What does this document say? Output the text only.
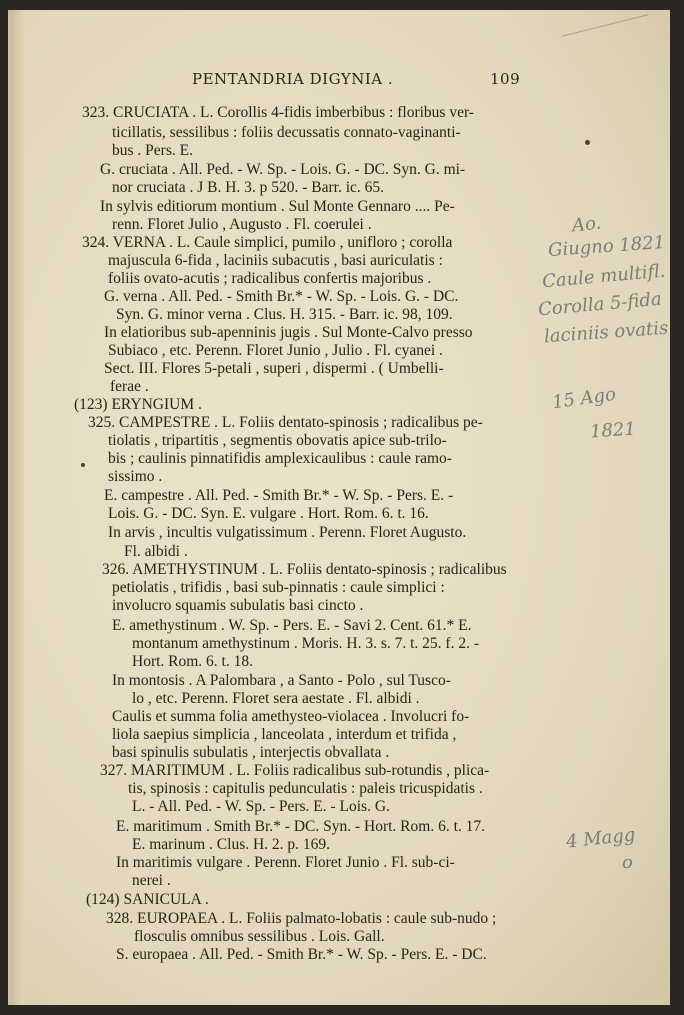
PENTANDRIA DIGYNIA .	109
323. CRUCIATA . L. Corollis 4-fidis imberbibus : floribus ver-
ticillatis, sessilibus : foliis decussatis connato-vaginanti-
bus . Pers. E.
G. cruciata . All. Ped. - W. Sp. - Lois. G. - DC. Syn. G. mi-
nor cruciata . J B. H. 3. p 520. - Barr. ic. 65.
In sylvis editiorum montium . Sul Monte Gennaro .... Pe-
renn. Floret Julio , Augusto . Fl. coerulei .
324. VERNA . L. Caule simplici, pumilo , unifloro ; corolla
majuscula 6-fida , laciniis subacutis , basi auriculatis :
foliis ovato-acutis ; radicalibus confertis majoribus .
G. verna . All. Ped. - Smith Br.* - W. Sp. - Lois. G. - DC.
Syn. G. minor verna . Clus. H. 315. - Barr. ic. 98, 109.
In elatioribus sub-apenninis jugis . Sul Monte-Calvo presso
Subiaco , etc. Perenn. Floret Junio , Julio . Fl. cyanei .
Sect. III. Flores 5-petali , superi , dispermi . ( Umbelli-
ferae .
(123) ERYNGIUM .
325. CAMPESTRE . L. Foliis dentato-spinosis ; radicalibus pe-
tiolatis , tripartitis , segmentis obovatis apice sub-trilo-
bis ; caulinis pinnatifidis amplexicaulibus : caule ramo-
sissimo .
E. campestre . All. Ped. - Smith Br.* - W. Sp. - Pers. E. -
Lois. G. - DC. Syn. E. vulgare . Hort. Rom. 6. t. 16.
In arvis , incultis vulgatissimum . Perenn. Floret Augusto.
Fl. albidi .
326. AMETHYSTINUM . L. Foliis dentato-spinosis ; radicalibus
petiolatis , trifidis , basi sub-pinnatis : caule simplici :
involucro squamis subulatis basi cincto .
E. amethystinum . W. Sp. - Pers. E. - Savi 2. Cent. 61.* E.
montanum amethystinum . Moris. H. 3. s. 7. t. 25. f. 2. -
Hort. Rom. 6. t. 18.
In montosis . A Palombara , a Santo - Polo , sul Tusco-
lo , etc. Perenn. Floret sera aestate . Fl. albidi .
Caulis et summa folia amethysteo-violacea . Involucri fo-
liola saepius simplicia , lanceolata , interdum et trifida ,
basi spinulis subulatis , interjectis obvallata .
327. MARITIMUM . L. Foliis radicalibus sub-rotundis , plica-
tis, spinosis : capitulis pedunculatis : paleis tricuspidatis .
L. - All. Ped. - W. Sp. - Pers. E. - Lois. G.
E. maritimum . Smith Br.* - DC. Syn. - Hort. Rom. 6. t. 17.
E. marinum . Clus. H. 2. p. 169.
In maritimis vulgare . Perenn. Floret Junio . Fl. sub-ci-
nerei .
(124) SANICULA .
328. EUROPAEA . L. Foliis palmato-lobatis : caule sub-nudo ;
flosculis omnibus sessilibus . Lois. Gall.
S. europaea . All. Ped. - Smith Br.* - W. Sp. - Pers. E. - DC.
Ao.
Giugno 1821
Caule multifl.
Corolla 5-fida
laciniis ovatis
15 Ago
1821
4 Magg
o
